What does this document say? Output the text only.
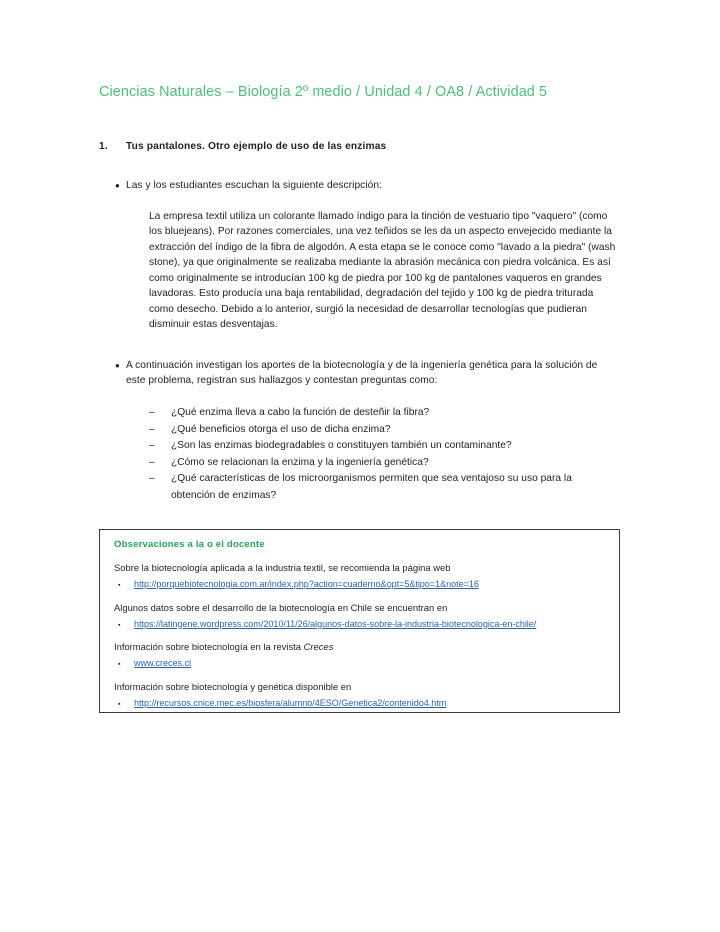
Ciencias Naturales – Biología 2º medio / Unidad 4 / OA8 / Actividad 5
1.	Tus pantalones. Otro ejemplo de uso de las enzimas
● Las y los estudiantes escuchan la siguiente descripción:

La empresa textil utiliza un colorante llamado índigo para la tinción de vestuario tipo "vaquero" (como los bluejeans). Por razones comerciales, una vez teñidos se les da un aspecto envejecido mediante la extracción del índigo de la fibra de algodón. A esta etapa se le conoce como "lavado a la piedra" (wash stone), ya que originalmente se realizaba mediante la abrasión mecánica con piedra volcánica. Es así como originalmente se introducían 100 kg de piedra por 100 kg de pantalones vaqueros en grandes lavadoras. Esto producía una baja rentabilidad, degradación del tejido y 100 kg de piedra triturada como desecho. Debido a lo anterior, surgió la necesidad de desarrollar tecnologías que pudieran disminuir estas desventajas.

● A continuación investigan los aportes de la biotecnología y de la ingeniería genética para la solución de este problema, registran sus hallazgos y contestan preguntas como:
–	¿Qué enzima lleva a cabo la función de desteñir la fibra?
–	¿Qué beneficios otorga el uso de dicha enzima?
–	¿Son las enzimas biodegradables o constituyen también un contaminante?
–	¿Cómo se relacionan la enzima y la ingeniería genética?
–	¿Qué características de los microorganismos permiten que sea ventajoso su uso para la obtención de enzimas?
Observaciones a la o el docente

Sobre la biotecnología aplicada a la industria textil, se recomienda la página web

▪	http://porquebiotecnologia.com.ar/index.php?action=cuaderno&opt=5&tipo=1&note=16

Algunos datos sobre el desarrollo de la biotecnología en Chile se encuentran en

▪	https://latingene.wordpress.com/2010/11/26/algunos-datos-sobre-la-industria-biotecnologica-en-chile/

Información sobre biotecnología en la revista Creces

▪	www.creces.cl

Información sobre biotecnología y genética disponible en

▪	http://recursos.cnice.mec.es/biosfera/alumno/4ESO/Genetica2/contenido4.htm
